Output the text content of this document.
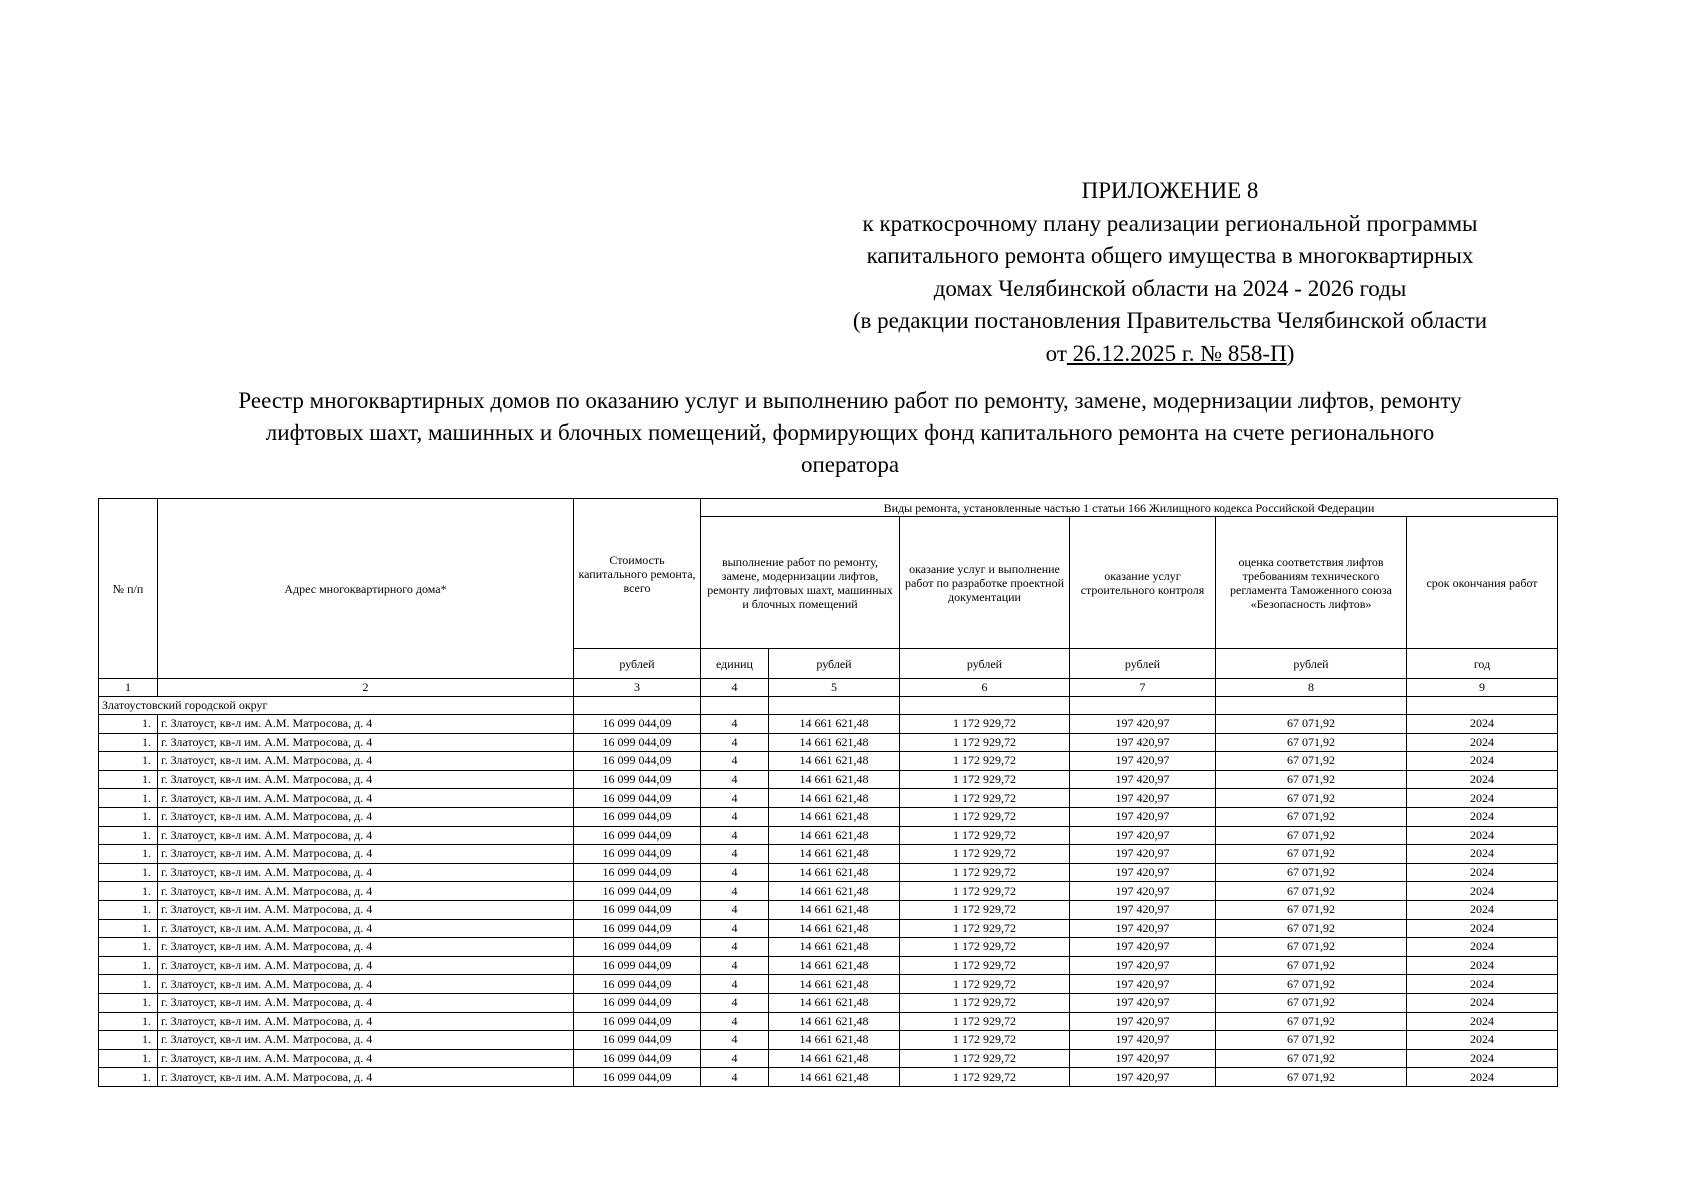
ПРИЛОЖЕНИЕ 8
к краткосрочному плану реализации региональной программы
капитального ремонта общего имущества в многоквартирных
домах Челябинской области на 2024 - 2026 годы
(в редакции постановления Правительства Челябинской области
от 26.12.2025 г. № 858-П)
Реестр многоквартирных домов по оказанию услуг и выполнению работ по ремонту, замене, модернизации лифтов, ремонту
лифтовых шахт, машинных и блочных помещений, формирующих фонд капитального ремонта на счете регионального
оператора
№ п/п	Адрес многоквартирного дома*	Стоимость капитального ремонта, всего	Виды ремонта, установленные частью 1 статьи 166 Жилищного кодекса Российской Федерации					
			выполнение работ по ремонту, замене, модернизации лифтов, ремонту лифтовых шахт, машинных и блочных помещений		оказание услуг и выполнение работ по разработке проектной документации	оказание услуг строительного контроля	оценка соответствия лифтов требованиям технического регламента Таможенного союза «Безопасность лифтов»	срок окончания работ
		рублей	единиц	рублей	рублей	рублей	рублей	год
1	2	3	4	5	6	7	8	9
Златоустовский городской округ								
1.	г. Златоуст, кв-л им. А.М. Матросова, д. 4	16 099 044,09	4	14 661 621,48	1 172 929,72	197 420,97	67 071,92	2024
1.	г. Златоуст, кв-л им. А.М. Матросова, д. 4	16 099 044,09	4	14 661 621,48	1 172 929,72	197 420,97	67 071,92	2024
1.	г. Златоуст, кв-л им. А.М. Матросова, д. 4	16 099 044,09	4	14 661 621,48	1 172 929,72	197 420,97	67 071,92	2024
1.	г. Златоуст, кв-л им. А.М. Матросова, д. 4	16 099 044,09	4	14 661 621,48	1 172 929,72	197 420,97	67 071,92	2024
1.	г. Златоуст, кв-л им. А.М. Матросова, д. 4	16 099 044,09	4	14 661 621,48	1 172 929,72	197 420,97	67 071,92	2024
1.	г. Златоуст, кв-л им. А.М. Матросова, д. 4	16 099 044,09	4	14 661 621,48	1 172 929,72	197 420,97	67 071,92	2024
1.	г. Златоуст, кв-л им. А.М. Матросова, д. 4	16 099 044,09	4	14 661 621,48	1 172 929,72	197 420,97	67 071,92	2024
1.	г. Златоуст, кв-л им. А.М. Матросова, д. 4	16 099 044,09	4	14 661 621,48	1 172 929,72	197 420,97	67 071,92	2024
1.	г. Златоуст, кв-л им. А.М. Матросова, д. 4	16 099 044,09	4	14 661 621,48	1 172 929,72	197 420,97	67 071,92	2024
1.	г. Златоуст, кв-л им. А.М. Матросова, д. 4	16 099 044,09	4	14 661 621,48	1 172 929,72	197 420,97	67 071,92	2024
1.	г. Златоуст, кв-л им. А.М. Матросова, д. 4	16 099 044,09	4	14 661 621,48	1 172 929,72	197 420,97	67 071,92	2024
1.	г. Златоуст, кв-л им. А.М. Матросова, д. 4	16 099 044,09	4	14 661 621,48	1 172 929,72	197 420,97	67 071,92	2024
1.	г. Златоуст, кв-л им. А.М. Матросова, д. 4	16 099 044,09	4	14 661 621,48	1 172 929,72	197 420,97	67 071,92	2024
1.	г. Златоуст, кв-л им. А.М. Матросова, д. 4	16 099 044,09	4	14 661 621,48	1 172 929,72	197 420,97	67 071,92	2024
1.	г. Златоуст, кв-л им. А.М. Матросова, д. 4	16 099 044,09	4	14 661 621,48	1 172 929,72	197 420,97	67 071,92	2024
1.	г. Златоуст, кв-л им. А.М. Матросова, д. 4	16 099 044,09	4	14 661 621,48	1 172 929,72	197 420,97	67 071,92	2024
1.	г. Златоуст, кв-л им. А.М. Матросова, д. 4	16 099 044,09	4	14 661 621,48	1 172 929,72	197 420,97	67 071,92	2024
1.	г. Златоуст, кв-л им. А.М. Матросова, д. 4	16 099 044,09	4	14 661 621,48	1 172 929,72	197 420,97	67 071,92	2024
1.	г. Златоуст, кв-л им. А.М. Матросова, д. 4	16 099 044,09	4	14 661 621,48	1 172 929,72	197 420,97	67 071,92	2024
1.	г. Златоуст, кв-л им. А.М. Матросова, д. 4	16 099 044,09	4	14 661 621,48	1 172 929,72	197 420,97	67 071,92	2024
